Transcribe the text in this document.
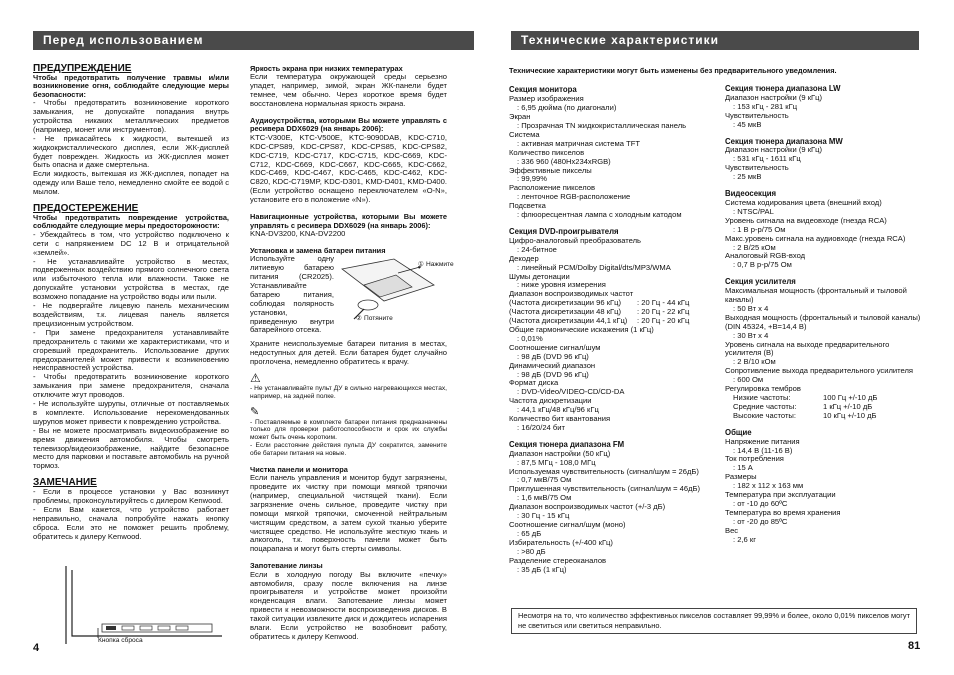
Перед использованием	Технические характеристики

ПРЕДУПРЕЖДЕНИЕ

Чтобы предотвратить получение травмы и/или возникновение огня, соблюдайте следующие меры безопасности:

- Чтобы предотвратить возникновение короткого замыкания, не допускайте попадания внутрь устройства никаких металлических предметов (например, монет или инструментов).

- Не прикасайтесь к жидкости, вытекшей из жидкокристаллического дисплея, если ЖК-дисплей будет поврежден. Жидкость из ЖК-дисплея может быть опасна и даже смертельна.

Если жидкость, вытекшая из ЖК-дисплея, попадет на одежду или Ваше тело, немедленно смойте ее водой с мылом.

ПРЕДОСТЕРЕЖЕНИЕ

Чтобы предотвратить повреждение устройства, соблюдайте следующие меры предосторожности:

- Убеждайтесь в том, что устройство подключено к сети с напряжением DC 12 В и отрицательной «землей».

- Не устанавливайте устройство в местах, подверженных воздействию прямого солнечного света или избыточного тепла или влажности. Также не допускайте установки устройства в местах, где возможно попадание на устройство воды или пыли.

- Не подвергайте лицевую панель механическим воздействиям, т.к. лицевая панель является прецизионным устройством.

- При замене предохранителя устанавливайте предохранитель с такими же характеристиками, что и сгоревший предохранитель. Использование других предохранителей может привести к возникновению неисправностей устройства.

- Чтобы предотвратить возникновение короткого замыкания при замене предохранителя, сначала отключите жгут проводов.

- Не используйте шурупы, отличные от поставляемых в комплекте. Использование нерекомендованных шурупов может привести к повреждению устройства.

- Вы не можете просматривать видеоизображение во время движения автомобиля. Чтобы смотреть телевизор/видеоизображение, найдите безопасное место для парковки и поставьте автомобиль на ручной тормоз.

ЗАМЕЧАНИЕ

- Если в процессе установки у Вас возникнут проблемы, проконсультируйтесь с дилером Kenwood.

- Если Вам кажется, что устройство работает неправильно, сначала попробуйте нажать кнопку сброса. Если это не поможет решить проблему, обратитесь к дилеру Kenwood.

Кнопка сброса
4

Яркость экрана при низких температурах

Если температура окружающей среды серьезно упадет, например, зимой, экран ЖК-панели будет темнее, чем обычно. Через короткое время будет восстановлена нормальная яркость экрана.

Аудиоустройства, которыми Вы можете управлять с ресивера DDX6029 (на январь 2006):

KTC-V300E, KTC-V500E, KTC-9090DAB, KDC-C710, KDC-CPS89, KDC-CPS87, KDC-CPS85, KDC-CPS82, KDC-C719, KDC-C717, KDC-C715, KDC-C669, KDC-C712, KDC-C669, KDC-C667, KDC-C665, KDC-C662, KDC-C469, KDC-C467, KDC-C465, KDC-C462, KDC-C820, KDC-C719MP, KDC-D301, KMD-D401, KMD-D400. (Если устройство оснащено переключателем «O-N», установите его в положение «N»).

Навигационные устройства, которыми Вы можете управлять с ресивера DDX6029 (на январь 2006):

KNA-DV3200, KNA-DV2200

Установка и замена батареи питания

Используйте одну литиевую батарею питания (CR2025). Устанавливайте батарею питания, соблюдая полярность установки, приведенную внутри батарейного отсека.

① Нажмите
② Потяните

Храните неиспользуемые батареи питания в местах, недоступных для детей. Если батарея будет случайно проглочена, немедленно обратитесь к врачу.

⚠

- Не устанавливайте пульт ДУ в сильно нагревающихся местах, например, на задней полке.

✎

- Поставляемые в комплекте батареи питания предназначены только для проверки работоспособности и срок их службы может быть очень коротким.

- Если расстояние действия пульта ДУ сократится, замените обе батареи питания на новые.

Чистка панели и монитора

Если панель управления и монитор будут загрязнены, проведите их чистку при помощи мягкой тряпочки (например, специальной чистящей ткани). Если загрязнение очень сильное, проведите чистку при помощи мягкой тряпочки, смоченной нейтральным чистящим средством, а затем сухой тканью уберите чистящее средство. Не используйте жесткую ткань и алкоголь, т.к. поверхность панели может быть поцарапана и могут быть стерты символы.

Запотевание линзы

Если в холодную погоду Вы включите «печку» автомобиля, сразу после включения на линзе проигрывателя и устройстве может произойти конденсация влаги. Запотевание линзы может привести к невозможности воспроизведения дисков. В такой ситуации извлеките диск и дождитесь испарения влаги. Если устройство не возобновит работу, обратитесь к дилеру Kenwood.

Технические характеристики могут быть изменены без предварительного уведомления.

Секция монитора

Размер изображения

: 6,95 дюйма (по диагонали)

Экран

: Прозрачная TN жидкокристаллическая панель

Система

: активная матричная система TFT

Количество пикселов

: 336 960 (480Нх234хRGB)

Эффективные пикселы

: 99,99%

Расположение пикселов

: ленточное RGB-расположение

Подсветка

: флюоресцентная лампа с холодным катодом

Секция DVD-проигрывателя

Цифро-аналоговый преобразователь

: 24-битное

Декодер

: линейный PCM/Dolby Digital/dts/MP3/WMA

Шумы детонации

: ниже уровня измерения

Диапазон воспроизводимых частот

(Частота дискретизации 96 кГц)	: 20 Гц - 44 кГц
(Частота дискретизации 48 кГц)	: 20 Гц - 22 кГц
(Частота дискретизации 44,1 кГц)	: 20 Гц - 20 кГц

Общие гармонические искажения (1 кГц)

: 0,01%

Соотношение сигнал/шум

: 98 дБ (DVD 96 кГц)

Динамический диапазон

: 98 дБ (DVD 96 кГц)

Формат диска

: DVD-Video/VIDEO-CD/CD-DA

Частота дискретизации

: 44,1 кГц/48 кГц/96 кГц

Количество бит квантования

: 16/20/24 бит

Секция тюнера диапазона FM

Диапазон настройки (50 кГц)

: 87,5 МГц - 108,0 МГц

Используемая чувствительность (сигнал/шум = 26дБ)

: 0,7 мкВ/75 Ом

Приглушенная чувствительность (сигнал/шум = 46дБ)

: 1,6 мкВ/75 Ом

Диапазон воспроизводимых частот (+/-3 дБ)

: 30 Гц - 15 кГц

Соотношение сигнал/шум (моно)

: 65 дБ

Избирательность (+/-400 кГц)

: >80 дБ

Разделение стереоканалов

: 35 дБ (1 кГц)

Секция тюнера диапазона LW

Диапазон настройки (9 кГц)

: 153 кГц - 281 кГц

Чувствительность

: 45 мкВ

Секция тюнера диапазона MW

Диапазон настройки (9 кГц)

: 531 кГц - 1611 кГц

Чувствительность

: 25 мкВ

Видеосекция

Система кодирования цвета (внешний вход)

: NTSC/PAL

Уровень сигнала на видеовходе (гнезда RCA)

: 1 В p-p/75 Ом

Макс.уровень сигнала на аудиовходе (гнезда RCA)

: 2 В/25 кОм

Аналоговый RGB-вход

: 0,7 В p-p/75 Ом

Секция усилителя

Максимальная мощность (фронтальный и тыловой каналы)

: 50 Вт x 4

Выходная мощность (фронтальный и тыловой каналы) (DIN 45324, +B=14,4 В)

: 30 Вт x 4

Уровень сигнала на выходе предварительного усилителя (В)

: 2 В/10 кОм

Сопротивление выхода предварительного усилителя

: 600 Ом

Регулировка тембров

Низкие частоты:	100 Гц +/-10 дБ
Средние частоты:	1 кГц +/-10 дБ
Высокие частоты:	10 кГц +/-10 дБ

Общие

Напряжение питания

: 14,4 В (11-16 В)

Ток потребления

: 15 А

Размеры

: 182 x 112 x 163 мм

Температура при эксплуатации

: от -10 до 60ºС

Температура во время хранения

: от -20 до 85ºС

Вес

: 2,6 кг

Несмотря на то, что количество эффективных пикселов составляет 99,99% и более, около 0,01% пикселов могут не светиться или светиться неправильно.
81
